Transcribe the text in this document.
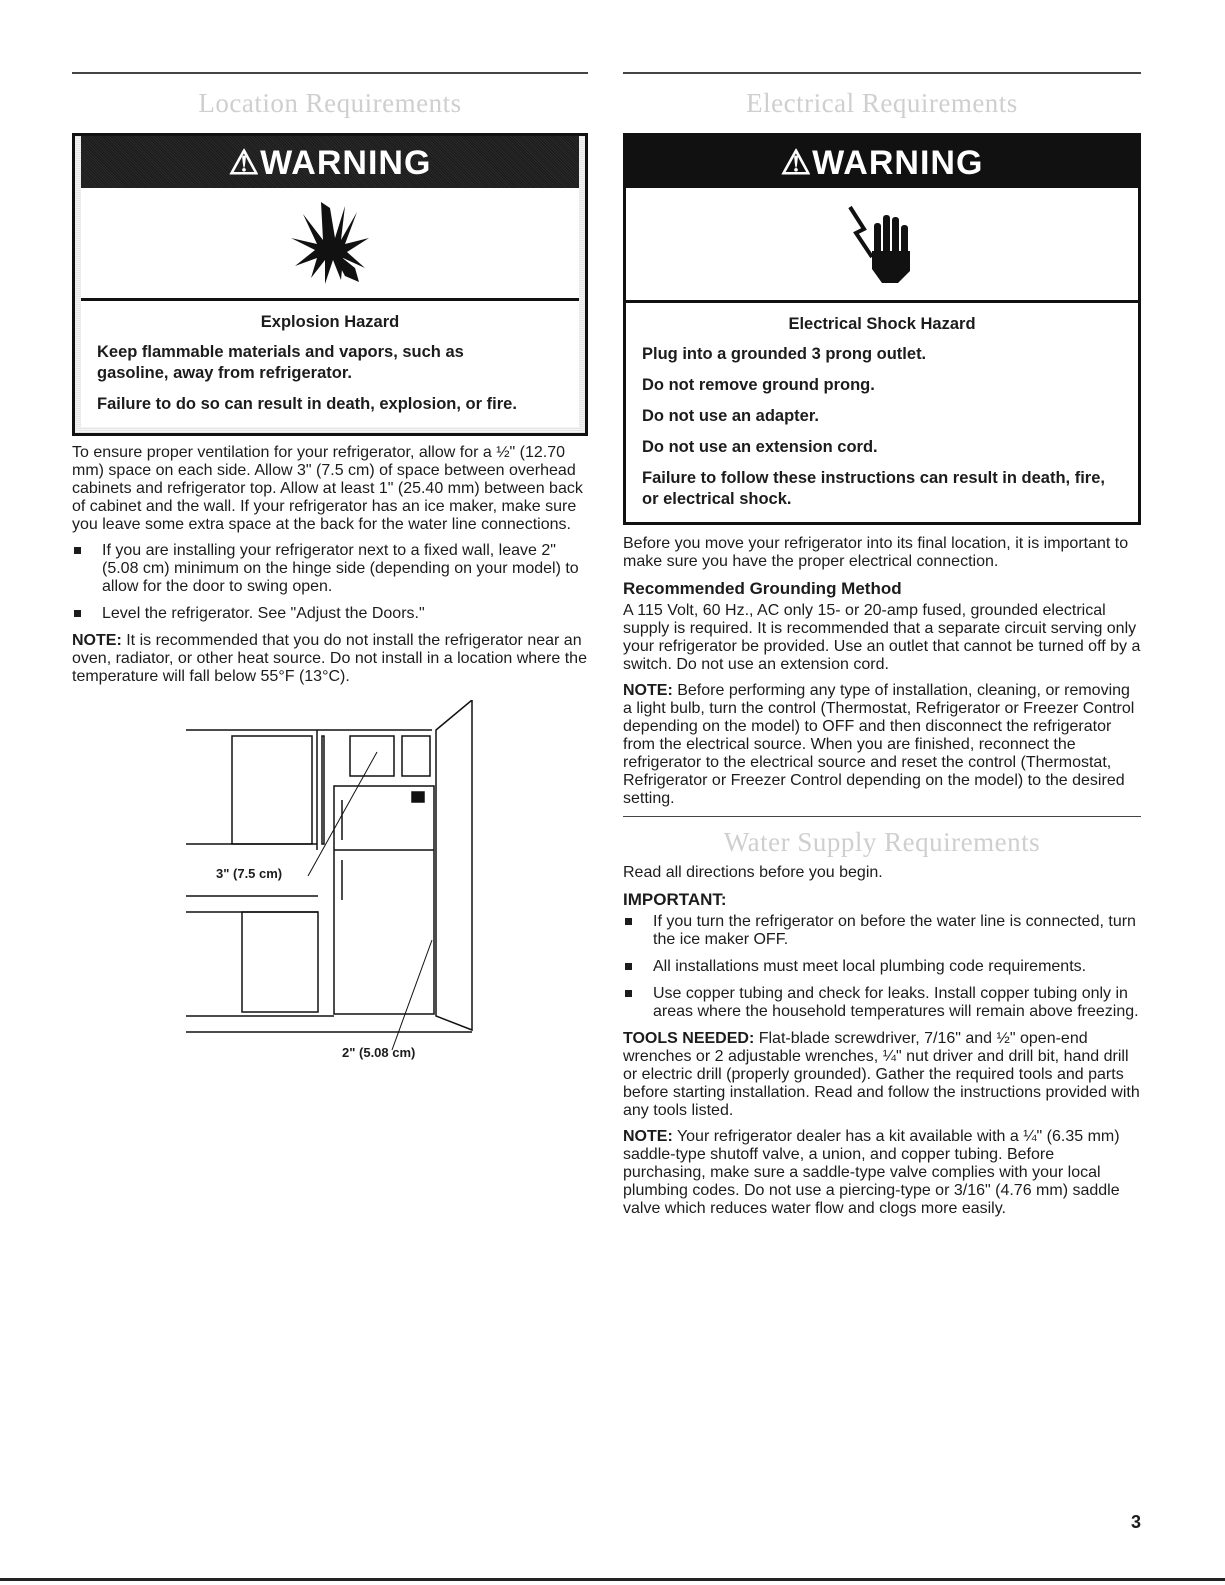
Location Requirements
⚠WARNING
Explosion Hazard
Keep flammable materials and vapors, such as gasoline, away from refrigerator.
Failure to do so can result in death, explosion, or fire.

To ensure proper ventilation for your refrigerator, allow for a ½" (12.70 mm) space on each side. Allow 3" (7.5 cm) of space between overhead cabinets and refrigerator top. Allow at least 1" (25.40 mm) between back of cabinet and the wall. If your refrigerator has an ice maker, make sure you leave some extra space at the back for the water line connections.

If you are installing your refrigerator next to a fixed wall, leave 2" (5.08 cm) minimum on the hinge side (depending on your model) to allow for the door to swing open.
Level the refrigerator. See "Adjust the Doors."

NOTE: It is recommended that you do not install the refrigerator near an oven, radiator, or other heat source. Do not install in a location where the temperature will fall below 55°F (13°C).

3" (7.5 cm)
2" (5.08 cm)
Electrical Requirements
⚠WARNING
Electrical Shock Hazard
Plug into a grounded 3 prong outlet.
Do not remove ground prong.
Do not use an adapter.
Do not use an extension cord.
Failure to follow these instructions can result in death, fire, or electrical shock.

Before you move your refrigerator into its final location, it is important to make sure you have the proper electrical connection.

Recommended Grounding Method

A 115 Volt, 60 Hz., AC only 15- or 20-amp fused, grounded electrical supply is required. It is recommended that a separate circuit serving only your refrigerator be provided. Use an outlet that cannot be turned off by a switch. Do not use an extension cord.

NOTE: Before performing any type of installation, cleaning, or removing a light bulb, turn the control (Thermostat, Refrigerator or Freezer Control depending on the model) to OFF and then disconnect the refrigerator from the electrical source. When you are finished, reconnect the refrigerator to the electrical source and reset the control (Thermostat, Refrigerator or Freezer Control depending on the model) to the desired setting.

Water Supply Requirements

Read all directions before you begin.

IMPORTANT:
If you turn the refrigerator on before the water line is connected, turn the ice maker OFF.
All installations must meet local plumbing code requirements.
Use copper tubing and check for leaks. Install copper tubing only in areas where the household temperatures will remain above freezing.

TOOLS NEEDED: Flat-blade screwdriver, 7/16" and ½" open-end wrenches or 2 adjustable wrenches, ¼" nut driver and drill bit, hand drill or electric drill (properly grounded). Gather the required tools and parts before starting installation. Read and follow the instructions provided with any tools listed.

NOTE: Your refrigerator dealer has a kit available with a ¼" (6.35 mm) saddle-type shutoff valve, a union, and copper tubing. Before purchasing, make sure a saddle-type valve complies with your local plumbing codes. Do not use a piercing-type or 3/16" (4.76 mm) saddle valve which reduces water flow and clogs more easily.

3
